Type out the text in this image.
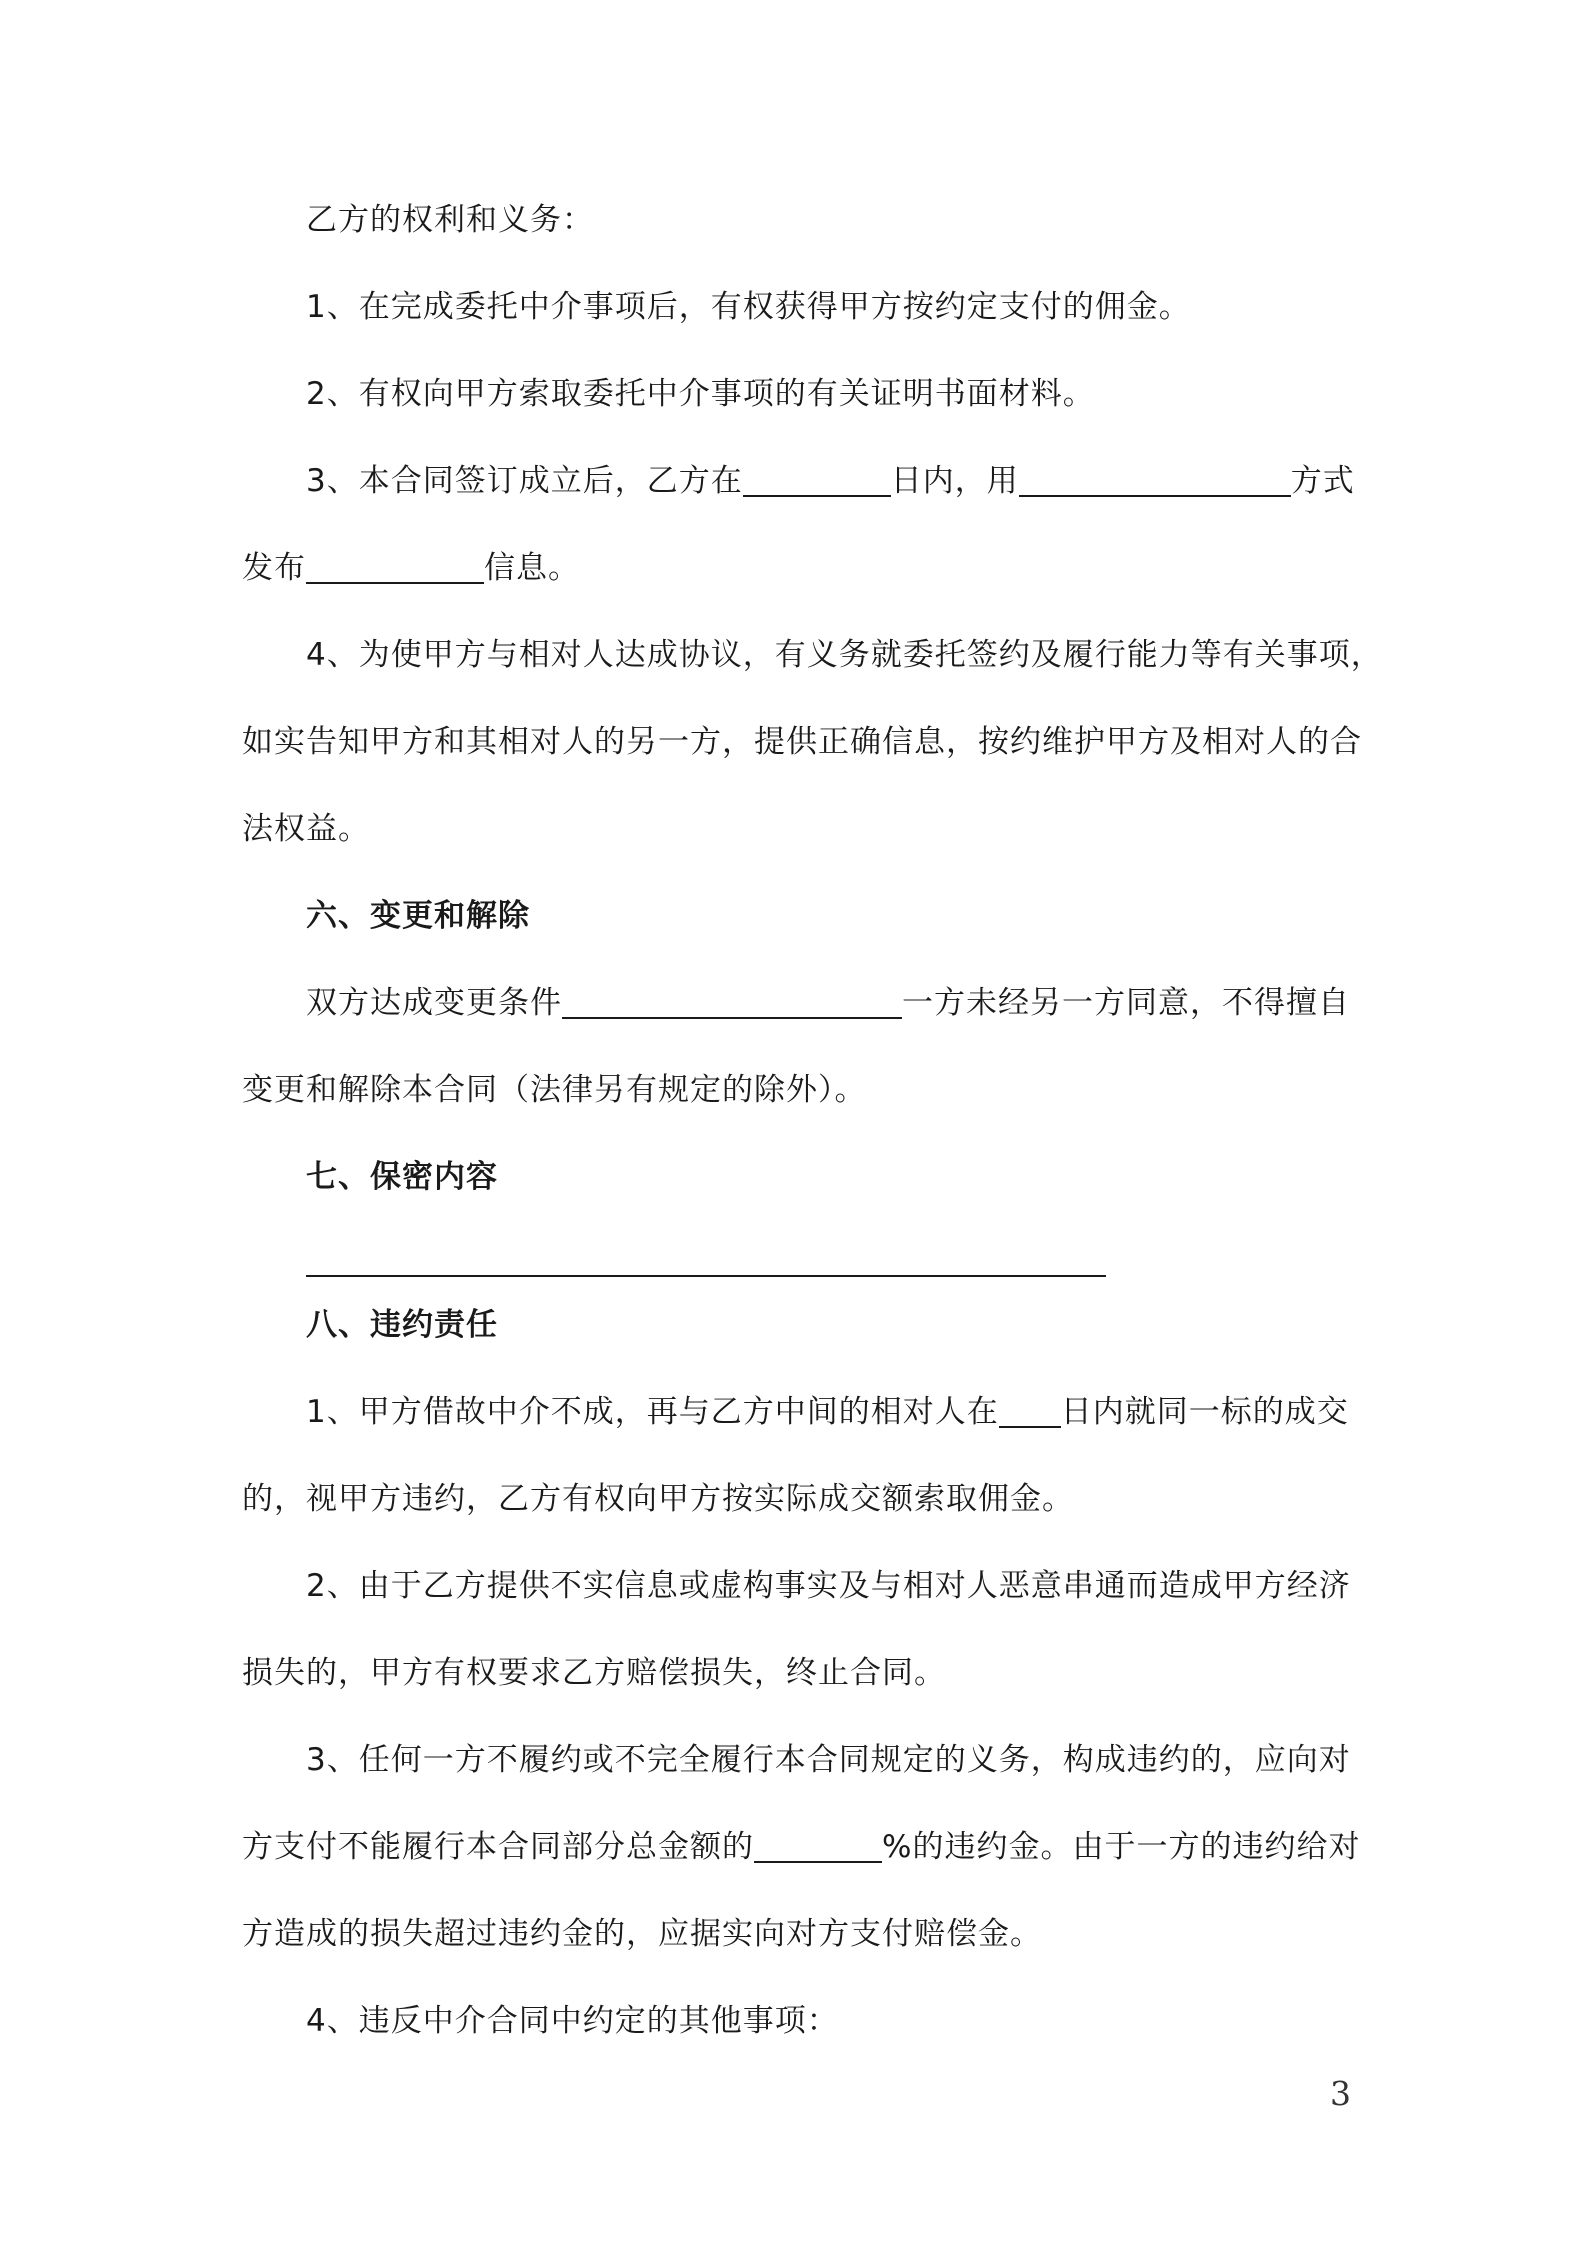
乙方的权利和义务：
1、在完成委托中介事项后，有权获得甲方按约定支付的佣金。
2、有权向甲方索取委托中介事项的有关证明书面材料。
3、本合同签订成立后，乙方在	日内，用	方式
发布	信息。
4、为使甲方与相对人达成协议，有义务就委托签约及履行能力等有关事项，
如实告知甲方和其相对人的另一方，提供正确信息，按约维护甲方及相对人的合
法权益。
六、变更和解除
双方达成变更条件	一方未经另一方同意，不得擅自
变更和解除本合同（法律另有规定的除外）。
七、保密内容
八、违约责任
1、甲方借故中介不成，再与乙方中间的相对人在 日内就同一标的成交
的，视甲方违约，乙方有权向甲方按实际成交额索取佣金。
2、由于乙方提供不实信息或虚构事实及与相对人恶意串通而造成甲方经济
损失的，甲方有权要求乙方赔偿损失，终止合同。
3、任何一方不履约或不完全履行本合同规定的义务，构成违约的，应向对
方支付不能履行本合同部分总金额的	%的违约金。由于一方的违约给对
方造成的损失超过违约金的，应据实向对方支付赔偿金。
4、违反中介合同中约定的其他事项：
3
